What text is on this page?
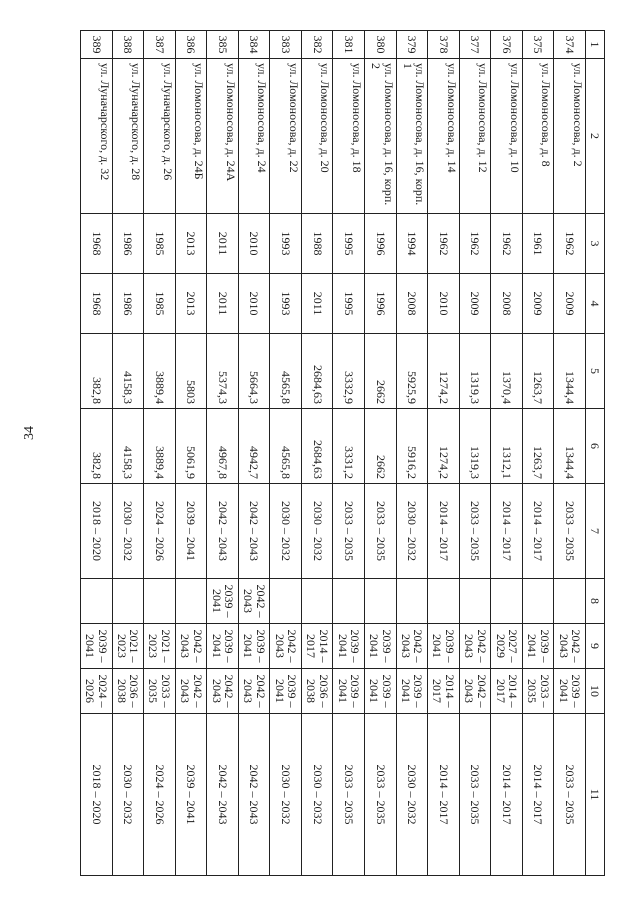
34
1	2	3	4	5	6	7	8	9	10	11
374	ул. Ломоносова, д. 2	1962	2009	1344,4	1344,4	2033 – 2035		2042 – 2043	2039 – 2041	2033 – 2035
375	ул. Ломоносова, д. 8	1961	2009	1263,7	1263,7	2014 – 2017		2039 – 2041	2033 – 2035	2014 – 2017
376	ул. Ломоносова, д. 10	1962	2008	1370,4	1312,1	2014 – 2017		2027 – 2029	2014 – 2017	2014 – 2017
377	ул. Ломоносова, д. 12	1962	2009	1319,3	1319,3	2033 – 2035		2042 – 2043	2042 – 2043	2033 – 2035
378	ул. Ломоносова, д. 14	1962	2010	1274,2	1274,2	2014 – 2017		2039 – 2041	2014 – 2017	2014 – 2017
379	ул. Ломоносова, д. 16, корп. 1	1994	2008	5925,9	5916,2	2030 – 2032		2042 – 2043	2039 – 2041	2030 – 2032
380	ул. Ломоносова, д. 16, корп. 2	1996	1996	2662	2662	2033 – 2035		2039 – 2041	2039 – 2041	2033 – 2035
381	ул. Ломоносова, д. 18	1995	1995	3332,9	3331,2	2033 – 2035		2039 – 2041	2039 – 2041	2033 – 2035
382	ул. Ломоносова, д. 20	1988	2011	2684,63	2684,63	2030 – 2032		2014 – 2017	2036 – 2038	2030 – 2032
383	ул. Ломоносова, д. 22	1993	1993	4565,8	4565,8	2030 – 2032		2042 – 2043	2039 – 2041	2030 – 2032
384	ул. Ломоносова, д. 24	2010	2010	5664,3	4942,7	2042 – 2043	2042 – 2043	2039 – 2041	2042 – 2043	2042 – 2043
385	ул. Ломоносова, д. 24А	2011	2011	5374,3	4967,8	2042 – 2043	2039 – 2041	2039 – 2041	2042 – 2043	2042 – 2043
386	ул. Ломоносова, д. 24Б	2013	2013	5803	5061,9	2039 – 2041		2042 – 2043	2042 – 2043	2039 – 2041
387	ул. Луначарского, д. 26	1985	1985	3889,4	3889,4	2024 – 2026		2021 – 2023	2033 – 2035	2024 – 2026
388	ул. Луначарского, д. 28	1986	1986	4158,3	4158,3	2030 – 2032		2021 – 2023	2036 – 2038	2030 – 2032
389	ул. Луначарского, д. 32	1968	1968	382,8	382,8	2018 – 2020		2039 – 2041	2024 – 2026	2018 – 2020
